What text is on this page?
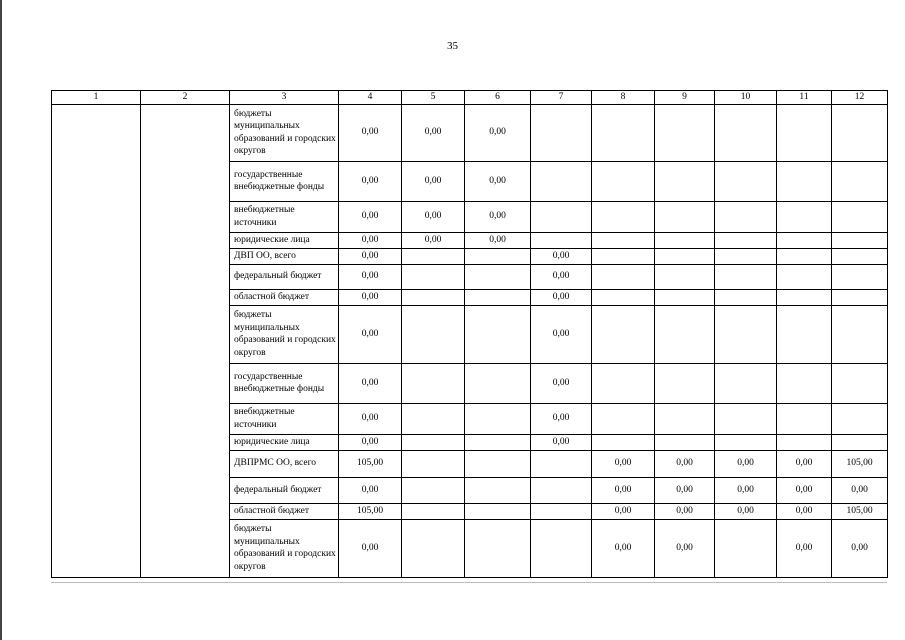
35
1	2	3	4	5	6	7	8	9	10	11	12
		бюджеты муниципальных образований и городских округов	0,00	0,00	0,00						
		государственные внебюджетные фонды	0,00	0,00	0,00						
		внебюджетные источники	0,00	0,00	0,00						
		юридические лица	0,00	0,00	0,00						
		ДВП ОО, всего	0,00			0,00					
		федеральный бюджет	0,00			0,00					
		областной бюджет	0,00			0,00					
		бюджеты муниципальных образований и городских округов	0,00			0,00					
		государственные внебюджетные фонды	0,00			0,00					
		внебюджетные источники	0,00			0,00					
		юридические лица	0,00			0,00					
		ДВПРМС ОО, всего	105,00				0,00	0,00	0,00	0,00	105,00
		федеральный бюджет	0,00				0,00	0,00	0,00	0,00	0,00
		областной бюджет	105,00				0,00	0,00	0,00	0,00	105,00
		бюджеты муниципальных образований и городских округов	0,00				0,00	0,00		0,00	0,00
